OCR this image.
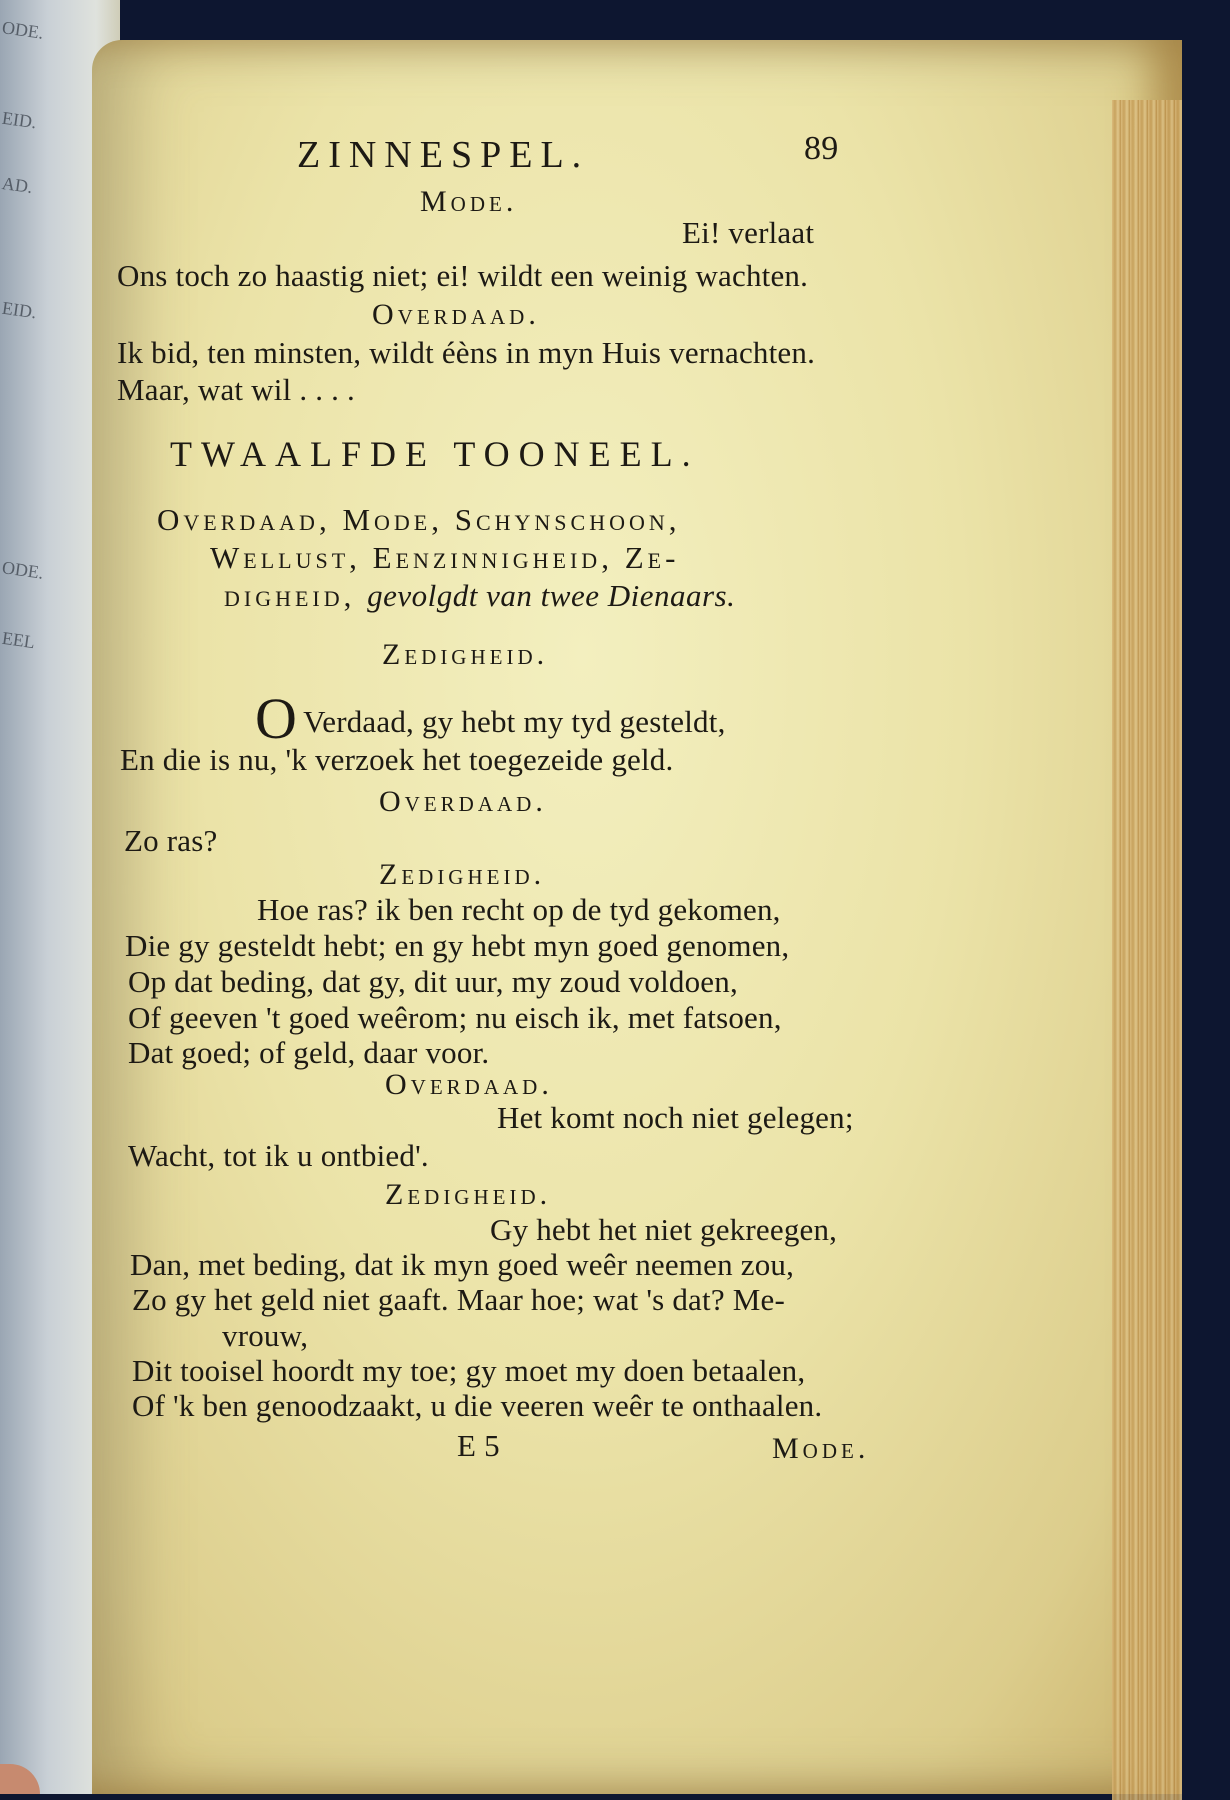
ODE.
EID.
AD.
EID.
ODE.
EEL
ZINNESPEL.	89
Mode.
Ei! verlaat
Ons toch zo haastig niet; ei! wildt een weinig wachten.
Overdaad.
Ik bid, ten minsten, wildt éèns in myn Huis vernachten.
Maar, wat wil . . . .
TWAALFDE TOONEEL.
Overdaad, Mode, Schynschoon,
Wellust, Eenzinnigheid, Ze-
digheid, gevolgdt van twee Dienaars.
Zedigheid.
O Verdaad, gy hebt my tyd gesteldt,
En die is nu, 'k verzoek het toegezeide geld.
Overdaad.
Zo ras?
Zedigheid.
Hoe ras? ik ben recht op de tyd gekomen,
Die gy gesteldt hebt; en gy hebt myn goed genomen,
Op dat beding, dat gy, dit uur, my zoud voldoen,
Of geeven 't goed weêrom; nu eisch ik, met fatsoen,
Dat goed; of geld, daar voor.
Overdaad.
Het komt noch niet gelegen;
Wacht, tot ik u ontbied'.
Zedigheid.
Gy hebt het niet gekreegen,
Dan, met beding, dat ik myn goed weêr neemen zou,
Zo gy het geld niet gaaft. Maar hoe; wat 's dat? Me-
vrouw,
Dit tooisel hoordt my toe; gy moet my doen betaalen,
Of 'k ben genoodzaakt, u die veeren weêr te onthaalen.
E 5	Mode.
